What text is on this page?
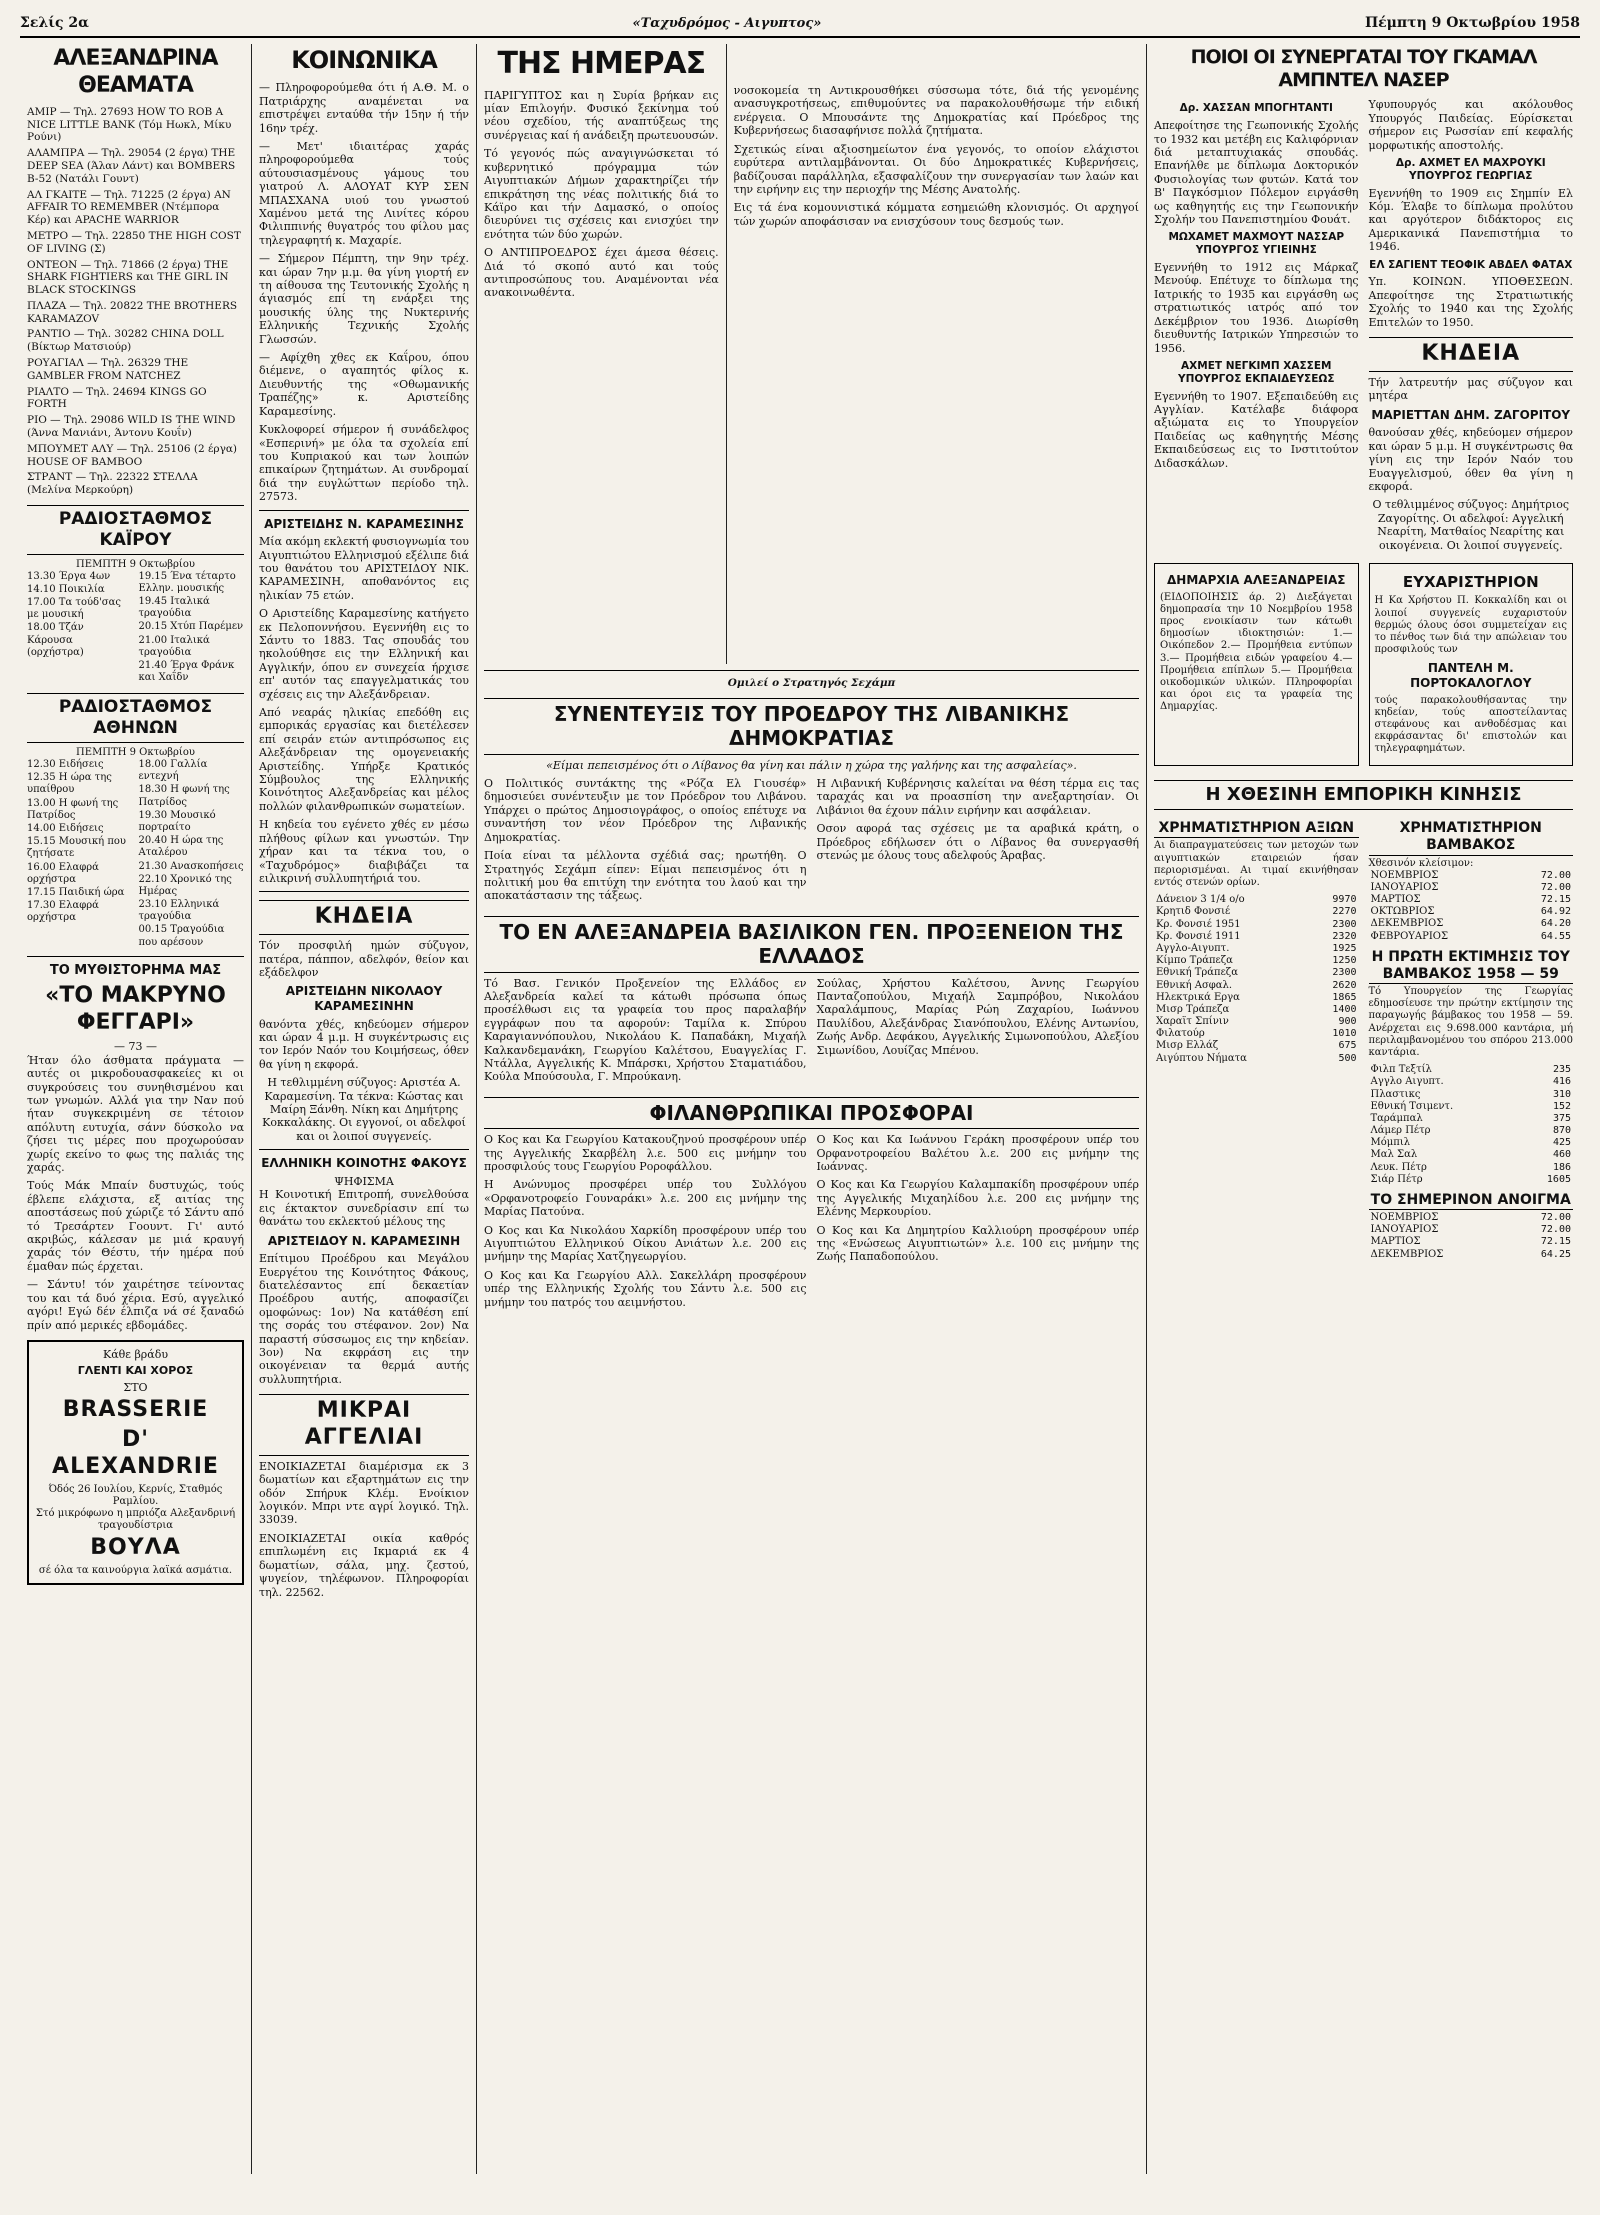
Σελίς 2α	«Ταχυδρόμος - Αιγυπτος»	Πέμπτη 9 Οκτωβρίου 1958
ΑΛΕΞΑΝΔΡΙΝΑ ΘΕΑΜΑΤΑ
ΑΜΙΡ — Τηλ. 27693 HOW TO ROB A NICE LITTLE BANK (Τόμ Ηωκλ, Μίκυ Ρούνι)
ΑΛΑΜΠΡΑ — Τηλ. 29054 (2 έργα) THE DEEP SEA (Άλαν Λάντ) και BOMBERS B-52 (Νατάλι Γουντ)
ΑΛ ΓΚΑΙΤΕ — Τηλ. 71225 (2 έργα) AN AFFAIR TO REMEMBER (Ντέμπορα Κέρ) και APACHE WARRIOR
ΜΕΤΡΟ — Τηλ. 22850 THE HIGH COST OF LIVING (Σ)
ΟΝΤΕΟΝ — Τηλ. 71866 (2 έργα) THE SHARK FIGHTIERS και THE GIRL IN BLACK STOCKINGS
ΠΛΑΖΑ — Τηλ. 20822 THE BROTHERS KARAMAZOV
ΡΑΝΤΙΟ — Τηλ. 30282 CHINA DOLL (Βίκτωρ Ματσιούρ)
ΡΟΥΑΓΙΑΛ — Τηλ. 26329 THE GAMBLER FROM NATCHEZ
ΡΙΑΛΤΟ — Τηλ. 24694 KINGS GO FORTH
ΡΙΟ — Τηλ. 29086 WILD IS THE WIND (Άννα Μανιάνι, Άντονυ Κουΐν)
ΜΠΟΥΜΕΤ ΑΛΥ — Τηλ. 25106 (2 έργα) HOUSE OF BAMBOO
ΣΤΡΑΝΤ — Τηλ. 22322 ΣΤΕΛΛΑ (Μελίνα Μερκούρη)
ΡΑΔΙΟΣΤΑΘΜΟΣ ΚΑΪΡΟΥ
ΠΕΜΠΤΗ 9 Οκτωβρίου
13.30 Έργα 4ων
14.10 Ποικιλία
17.00 Τα τούδ'σας με μουσική
18.00 Τζάν Κάρουσα (ορχήστρα)
19.15 Ένα τέταρτο Ελλην. μουσικής
19.45 Ιταλικά τραγούδια
20.15 Χτύπ Παρέμεν
21.00 Ιταλικά τραγούδια
21.40 Έργα Φράνκ και Χαΐδν
ΡΑΔΙΟΣΤΑΘΜΟΣ ΑΘΗΝΩΝ
ΠΕΜΠΤΗ 9 Οκτωβρίου
12.30 Ειδήσεις
12.35 Η ώρα της υπαίθρου
13.00 Η φωνή της Πατρίδος
14.00 Ειδήσεις
15.15 Μουσική που ζητήσατε
16.00 Ελαφρά ορχήστρα
17.15 Παιδική ώρα
17.30 Ελαφρά ορχήστρα
18.00 Γαλλία εντεχνή
18.30 Η φωνή της Πατρίδος
19.30 Μουσικό πορτραίτο
20.40 Η ώρα της Αταλέρου
21.30 Ανασκοπήσεις
22.10 Χρονικό της Ημέρας
23.10 Ελληνικά τραγούδια
00.15 Τραγούδια που αρέσουν
ΤΟ ΜΥΘΙΣΤΟΡΗΜΑ ΜΑΣ
«ΤΟ ΜΑΚΡΥΝΟ ΦΕΓΓΑΡΙ»
— 73 —

Ήταν όλο άσθματα πράγματα — αυτές οι μικροδουασφακείες κι οι συγκρούσεις του συνηθισμένου και των γνωμών. Αλλά για την Ναν πού ήταν συγκεκριμένη σε τέτοιον απόλυτη ευτυχία, σάνν δύσκολο να ζήσει τις μέρες που προχωρούσαν χωρίς εκείνο το φως της παλιάς της χαράς.

Τούς Μάκ Μπαίν δυστυχώς, τούς έβλεπε ελάχιστα, εξ αιτίας της αποστάσεως πού χώριζε τό Σάντυ από τό Τρεσάρτεν Γοουντ. Γι' αυτό ακριβώς, κάλεσαν με μιά κραυγή χαράς τόν Θέστυ, τήν ημέρα πού έμαθαν πώς έρχεται.

— Σάντυ! τόν χαιρέτησε τείνοντας του και τά δυό χέρια. Εσύ, αγγελικό αγόρι! Εγώ δέν έλπιζα νά σέ ξαναδώ πρίν από μερικές εβδομάδες.

Κάθε βράδυ
ΓΛΕΝΤΙ ΚΑΙ ΧΟΡΟΣ
ΣΤΟ
BRASSERIE
D' ALEXANDRIE
Όδός 26 Ιουλίου, Κερνίς, Σταθμός Ραμλίου.
Στό μικρόφωνο η μπριόζα Αλεξανδρινή τραγουδίστρια
ΒΟΥΛΑ
σέ όλα τα καινούργια λαϊκά ασμάτια.
ΚΟΙΝΩΝΙΚΑ

— Πληροφορούμεθα ότι ή Α.Θ. Μ. ο Πατριάρχης αναμένεται να επιστρέψει ενταύθα τήν 15ην ή τήν 16ην τρέχ.

— Μετ' ιδιαιτέρας χαράς πληροφορούμεθα τούς αύτουσιασμένους γάμους του γιατρού Λ. ΑΛΟΥΑΤ ΚΥΡ ΣΕΝ ΜΠΑΣΧΑΝΑ υιού του γνωστού Χαμένου μετά της Λινίτες κόρου Φιλιππινής θυγατρός του φίλου μας τηλεγραφητή κ. Μαχαρίε.

— Σήμερον Πέμπτη, την 9ην τρέχ. και ώραν 7ην μ.μ. θα γίνη γιορτή εν τη αίθουσα της Τευτονικής Σχολής η άγιασμός επί τη ενάρξει της μουσικής ύλης της Νυκτερινής Ελληνικής Τεχνικής Σχολής Γλωσσών.

— Αφίχθη χθες εκ Καΐρου, όπου διέμενε, ο αγαπητός φίλος κ. Διευθυντής της «Οθωμανικής Τραπέζης» κ. Αριστείδης Καραμεσίνης.

Κυκλοφορεί σήμερον ή συνάδελφος «Εσπερινή» με όλα τα σχολεία επί του Κυπριακού και των λοιπών επικαίρων ζητημάτων. Αι συνδρομαί διά την ευγλώττων περίοδο τηλ. 27573.

ΑΡΙΣΤΕΙΔΗΣ Ν. ΚΑΡΑΜΕΣΙΝΗΣ

Μία ακόμη εκλεκτή φυσιογνωμία του Αιγυπτιώτου Ελληνισμού εξέλιπε διά του θανάτου του ΑΡΙΣΤΕΙΔΟΥ ΝΙΚ. ΚΑΡΑΜΕΣΙΝΗ, αποθανόντος εις ηλικίαν 75 ετών.

Ο Αριστείδης Καραμεσίνης κατήγετο εκ Πελοποννήσου. Εγεννήθη εις το Σάντυ το 1883. Τας σπουδάς του ηκολούθησε εις την Ελληνική και Αγγλικήν, όπου εν συνεχεία ήρχισε επ' αυτόν τας επαγγελματικάς του σχέσεις εις την Αλεξάνδρειαν.

Από νεαράς ηλικίας επεδόθη εις εμπορικάς εργασίας και διετέλεσεν επί σειράν ετών αντιπρόσωπος εις Αλεξάνδρειαν της ομογενειακής Αριστείδης. Υπήρξε Κρατικός Σύμβουλος της Ελληνικής Κοινότητος Αλεξανδρείας και μέλος πολλών φιλανθρωπικών σωματείων.

Η κηδεία του εγένετο χθές εν μέσω πλήθους φίλων και γνωστών. Την χήραν και τα τέκνα του, ο «Ταχυδρόμος» διαβιβάζει τα ειλικρινή συλλυπητήριά του.

ΚΗΔΕΙΑ

Τόν προσφιλή ημών σύζυγον, πατέρα, πάππον, αδελφόν, θείον και εξάδελφον

ΑΡΙΣΤΕΙΔΗΝ ΝΙΚΟΛΑΟΥ ΚΑΡΑΜΕΣΙΝΗΝ

θανόντα χθές, κηδεύομεν σήμερον και ώραν 4 μ.μ. Η συγκέντρωσις εις τον Ιερόν Ναόν του Κοιμήσεως, όθεν θα γίνη η εκφορά.

Η τεθλιμμένη σύζυγος: Αριστέα Α. Καραμεσίνη. Τα τέκνα: Κώστας και Μαίρη Ξάνθη. Νίκη και Δημήτρης Κοκκαλάκης. Οι εγγονοί, οι αδελφοί και οι λοιποί συγγενείς.

ΕΛΛΗΝΙΚΗ ΚΟΙΝΟΤΗΣ ΦΑΚΟΥΣ
ΨΗΦΙΣΜΑ

Η Κοινοτική Επιτροπή, συνελθούσα εις έκτακτον συνεδρίασιν επί τω θανάτω του εκλεκτού μέλους της

ΑΡΙΣΤΕΙΔΟΥ Ν. ΚΑΡΑΜΕΣΙΝΗ

Επίτιμου Προέδρου και Μεγάλου Ευεργέτου της Κοινότητος Φάκους, διατελέσαντος επί δεκαετίαν Προέδρου αυτής, αποφασίζει ομοφώνως: 1ον) Να κατάθέση επί της σοράς του στέφανον. 2ον) Να παραστή σύσσωμος εις την κηδείαν. 3ον) Να εκφράση εις την οικογένειαν τα θερμά αυτής συλλυπητήρια.

ΜΙΚΡΑΙ ΑΓΓΕΛΙΑΙ

ΕΝΟΙΚΙΑΖΕΤΑΙ διαμέρισμα εκ 3 δωματίων και εξαρτημάτων εις την οδόν Σπήρυκ Κλέμ. Ενοίκιον λογικόν. Μπρι ντε αγρί λογικό. Τηλ. 33039.

ΕΝΟΙΚΙΑΖΕΤΑΙ οικία καθρός επιπλωμένη εις Ικμαριά εκ 4 δωματίων, σάλα, μηχ. ζεστού, ψυγείον, τηλέφωνον. Πληροφορίαι τηλ. 22562.

ΤΗΣ ΗΜΕΡΑΣ

ΠΑΡΙΓΥΠΤΟΣ και η Συρία βρήκαν εις μίαν Επιλογήν. Φυσικό ξεκίνημα τού νέου σχεδίου, τής αναπτύξεως της συνέργειας καί ή ανάδειξη πρωτευουσών.

Τό γεγονός πώς αναγιγνώσκεται τό κυβερνητικό πρόγραμμα τών Αιγυπτιακών Δήμων χαρακτηρίζει τήν επικράτηση της νέας πολιτικής διά το Κάϊρο και τήν Δαμασκό, ο οποίος διευρύνει τις σχέσεις και ενισχύει την ενότητα τών δύο χωρών.

Ο ΑΝΤΙΠΡΟΕΔΡΟΣ έχει άμεσα θέσεις. Διά τό σκοπό αυτό και τούς αντιπροσώπους του. Αναμένονται νέα ανακοινωθέντα.

νοσοκομεία τη Αντικρουσθήκει σύσσωμα τότε, διά τής γενομένης ανασυγκροτήσεως, επιθυμούντες να παρακολουθήσωμε τήν ειδική ενέργεια. Ο Μπουσάντε της Δημοκρατίας καί Πρόεδρος της Κυβερνήσεως διασαφήνισε πολλά ζητήματα.

Σχετικώς είναι αξιοσημείωτον ένα γεγονός, το οποίον ελάχιστοι ευρύτερα αντιλαμβάνονται. Οι δύο Δημοκρατικές Κυβερνήσεις, βαδίζουσαι παράλληλα, εξασφαλίζουν την συνεργασίαν των λαών και την ειρήνην εις την περιοχήν της Μέσης Ανατολής.

Εις τά ένα κομουνιστικά κόμματα εσημειώθη κλονισμός. Οι αρχηγοί τών χωρών αποφάσισαν να ενισχύσουν τους δεσμούς των.

Ομιλεί ο Στρατηγός Σεχάμπ
ΣΥΝΕΝΤΕΥΞΙΣ ΤΟΥ ΠΡΟΕΔΡΟΥ ΤΗΣ ΛΙΒΑΝΙΚΗΣ ΔΗΜΟΚΡΑΤΙΑΣ

«Είμαι πεπεισμένος ότι ο Λίβανος θα γίνη και πάλιν η χώρα της γαλήνης και της ασφαλείας».

Ο Πολιτικός συντάκτης της «Ρόζα Ελ Γιουσέφ» δημοσιεύει συνέντευξιν με τον Πρόεδρον του Λιβάνου. Υπάρχει ο πρώτος Δημοσιογράφος, ο οποίος επέτυχε να συναντήση τον νέον Πρόεδρον της Λιβανικής Δημοκρατίας.

Ποία είναι τα μέλλοντα σχέδιά σας; ηρωτήθη. Ο Στρατηγός Σεχάμπ είπεν: Είμαι πεπεισμένος ότι η πολιτική μου θα επιτύχη την ενότητα του λαού και την αποκατάστασιν της τάξεως.

Η Λιβανική Κυβέρνησις καλείται να θέση τέρμα εις τας ταραχάς και να προασπίση την ανεξαρτησίαν. Οι Λιβάνιοι θα έχουν πάλιν ειρήνην και ασφάλειαν.

Οσον αφορά τας σχέσεις με τα αραβικά κράτη, ο Πρόεδρος εδήλωσεν ότι ο Λίβανος θα συνεργασθή στενώς με όλους τους αδελφούς Άραβας.

ΤΟ ΕΝ ΑΛΕΞΑΝΔΡΕΙΑ ΒΑΣΙΛΙΚΟΝ ΓΕΝ. ΠΡΟΞΕΝΕΙΟΝ ΤΗΣ ΕΛΛΑΔΟΣ

Τό Βασ. Γενικόν Προξενείον της Ελλάδος εν Αλεξανδρεία καλεί τα κάτωθι πρόσωπα όπως προσέλθωσι εις τα γραφεία του προς παραλαβήν εγγράφων που τα αφορούν: Ταμίλα κ. Σπύρου Καραγιαννόπουλου, Νικολάου Κ. Παπαδάκη, Μιχαήλ Καλκανδεμανάκη, Γεωργίου Καλέτσου, Ευαγγελίας Γ. Ντάλλα, Αγγελικής Κ. Μπάρσκι, Χρήστου Σταματιάδου, Κούλα Μπούσουλα, Γ. Μπρούκανη.

Σούλας, Χρήστου Καλέτσου, Άννης Γεωργίου Πανταζοπούλου, Μιχαήλ Σαμπρόβου, Νικολάου Χαραλάμπους, Μαρίας Ρώη Ζαχαρίου, Ιωάννου Παυλίδου, Αλεξάνδρας Σιανόπουλου, Ελένης Αντωνίου, Ζωής Ανδρ. Δεφάκου, Αγγελικής Σιμωνοπούλου, Αλεξίου Σιμωνίδου, Λουίζας Μπένου.

ΦΙΛΑΝΘΡΩΠΙΚΑΙ ΠΡΟΣΦΟΡΑΙ

Ο Κος και Κα Γεωργίου Κατακουζηνού προσφέρουν υπέρ της Αγγελικής Σκαρβέλη λ.ε. 500 εις μνήμην του προσφιλούς τους Γεωργίου Ροροφάλλου.

Η Ανώνυμος προσφέρει υπέρ του Συλλόγου «Ορφανοτροφείο Γουναράκι» λ.ε. 200 εις μνήμην της Μαρίας Πατούνα.

Ο Κος και Κα Νικολάου Χαρκίδη προσφέρουν υπέρ του Αιγυπτιώτου Ελληνικού Οίκου Ανιάτων λ.ε. 200 εις μνήμην της Μαρίας Χατζηγεωργίου.

Ο Κος και Κα Γεωργίου Αλλ. Σακελλάρη προσφέρουν υπέρ της Ελληνικής Σχολής του Σάντυ λ.ε. 500 εις μνήμην του πατρός του αειμνήστου.

Ο Κος και Κα Ιωάννου Γεράκη προσφέρουν υπέρ του Ορφανοτροφείου Βαλέτου λ.ε. 200 εις μνήμην της Ιωάννας.

Ο Κος και Κα Γεωργίου Καλαμπακίδη προσφέρουν υπέρ της Αγγελικής Μιχαηλίδου λ.ε. 200 εις μνήμην της Ελένης Μερκουρίου.

Ο Κος και Κα Δημητρίου Καλλιούρη προσφέρουν υπέρ της «Ενώσεως Αιγυπτιωτών» λ.ε. 100 εις μνήμην της Ζωής Παπαδοπούλου.

ΠΟΙΟΙ ΟΙ ΣΥΝΕΡΓΑΤΑΙ ΤΟΥ ΓΚΑΜΑΛ ΑΜΠΝΤΕΛ ΝΑΣΕΡ
Δρ. ΧΑΣΣΑΝ ΜΠΟΓΗΤΑΝΤΙ

Απεφοίτησε της Γεωπονικής Σχολής το 1932 και μετέβη εις Καλιφόρνιαν διά μεταπτυχιακάς σπουδάς. Επανήλθε με δίπλωμα Δοκτορικόν Φυσιολογίας των φυτών. Κατά τον Β' Παγκόσμιον Πόλεμον ειργάσθη ως καθηγητής εις την Γεωπονικήν Σχολήν του Πανεπιστημίου Φουάτ.

ΜΩΧΑΜΕΤ ΜΑΧΜΟΥΤ ΝΑΣΣΑΡ ΥΠΟΥΡΓΟΣ ΥΓΙΕΙΝΗΣ

Εγεννήθη το 1912 εις Μάρκαζ Μενούφ. Επέτυχε το δίπλωμα της Ιατρικής το 1935 και ειργάσθη ως στρατιωτικός ιατρός από τον Δεκέμβριον του 1936. Διωρίσθη διευθυντής Ιατρικών Υπηρεσιών το 1956.

ΑΧΜΕΤ ΝΕΓΚΙΜΠ ΧΑΣΣΕΜ ΥΠΟΥΡΓΟΣ ΕΚΠΑΙΔΕΥΣΕΩΣ

Εγεννήθη το 1907. Εξεπαιδεύθη εις Αγγλίαν. Κατέλαβε διάφορα αξιώματα εις το Υπουργείον Παιδείας ως καθηγητής Μέσης Εκπαιδεύσεως εις το Ινστιτούτον Διδασκάλων.

Υφυπουργός και ακόλουθος Υπουργός Παιδείας. Εύρίσκεται σήμερον εις Ρωσσίαν επί κεφαλής μορφωτικής αποστολής.

Δρ. ΑΧΜΕΤ ΕΛ ΜΑΧΡΟΥΚΙ ΥΠΟΥΡΓΟΣ ΓΕΩΡΓΙΑΣ

Εγεννήθη το 1909 εις Σημπίν Ελ Κόμ. Έλαβε το δίπλωμα προλύτου και αργότερον διδάκτορος εις Αμερικανικά Πανεπιστήμια το 1946.

ΕΛ ΣΑΓΙΕΝΤ ΤΕΟΦΙΚ ΑΒΔΕΛ ΦΑΤΑΧ

Υπ. ΚΟΙΝΩΝ. ΥΠΟΘΕΣΕΩΝ. Απεφοίτησε της Στρατιωτικής Σχολής το 1940 και της Σχολής Επιτελών το 1950.

ΚΗΔΕΙΑ

Τήν λατρευτήν μας σύζυγον και μητέρα

ΜΑΡΙΕΤΤΑΝ ΔΗΜ. ΖΑΓΟΡΙΤΟΥ

θανούσαν χθές, κηδεύομεν σήμερον και ώραν 5 μ.μ. Η συγκέντρωσις θα γίνη εις την Ιερόν Ναόν του Ευαγγελισμού, όθεν θα γίνη η εκφορά.

Ο τεθλιμμένος σύζυγος: Δημήτριος Ζαγορίτης. Οι αδελφοί: Αγγελική Νεαρίτη, Ματθαίος Νεαρίτης και οικογένεια. Οι λοιποί συγγενείς.

ΔΗΜΑΡΧΙΑ ΑΛΕΞΑΝΔΡΕΙΑΣ

(ΕΙΔΟΠΟΙΗΣΙΣ άρ. 2) Διεξάγεται δημοπρασία την 10 Νοεμβρίου 1958 προς ενοικίασιν των κάτωθι δημοσίων ιδιοκτησιών: 1.— Οικόπεδον 2.— Προμήθεια εντύπων 3.— Προμήθεια ειδών γραφείου 4.— Προμήθεια επίπλων 5.— Προμήθεια οικοδομικών υλικών. Πληροφορίαι και όροι εις τα γραφεία της Δημαρχίας.

ΕΥΧΑΡΙΣΤΗΡΙΟΝ

Η Κα Χρήστου Π. Κοκκαλίδη και οι λοιποί συγγενείς ευχαριστούν θερμώς όλους όσοι συμμετείχαν εις το πένθος των διά την απώλειαν του προσφιλούς των

ΠΑΝΤΕΛΗ Μ. ΠΟΡΤΟΚΑΛΟΓΛΟΥ

τούς παρακολουθήσαντας την κηδείαν, τούς αποστείλαντας στεφάνους και ανθοδέσμας και εκφράσαντας δι' επιστολών και τηλεγραφημάτων.

Η ΧΘΕΣΙΝΗ ΕΜΠΟΡΙΚΗ ΚΙΝΗΣΙΣ
ΧΡΗΜΑΤΙΣΤΗΡΙΟΝ ΑΞΙΩΝ

Αι διαπραγματεύσεις των μετοχών των αιγυπτιακών εταιρειών ήσαν περιορισμέναι. Αι τιμαί εκινήθησαν εντός στενών ορίων.

Δάνειον 3 1/4 ο/ο	9970
Κρητιδ Φονσιέ	2270
Κρ. Φονσιέ 1951	2300
Κρ. Φονσιέ 1911	2320
Αγγλο-Αιγυπτ.	1925
Κίμπο Τράπεζα	1250
Εθνική Τράπεζα	2300
Εθνική Ασφαλ.	2620
Ηλεκτρικά Εργα	1865
Μισρ Τράπεζα	1400
Χαραϊτ Σπίνιν	900
Φιλατούρ	1010
Μισρ Ελλάζ	675
Αιγύπτου Νήματα	500
ΧΡΗΜΑΤΙΣΤΗΡΙΟΝ ΒΑΜΒΑΚΟΣ
Χθεσινόν κλείσιμον:
ΝΟΕΜΒΡΙΟΣ	72.00
ΙΑΝΟΥΑΡΙΟΣ	72.00
ΜΑΡΤΙΟΣ	72.15
ΟΚΤΩΒΡΙΟΣ	64.92
ΔΕΚΕΜΒΡΙΟΣ	64.20
ΦΕΒΡΟΥΑΡΙΟΣ	64.55
Η ΠΡΩΤΗ ΕΚΤΙΜΗΣΙΣ ΤΟΥ ΒΑΜΒΑΚΟΣ 1958 — 59

Τό Υπουργείον της Γεωργίας εδημοσίευσε την πρώτην εκτίμησιν της παραγωγής βάμβακος του 1958 — 59. Ανέρχεται εις 9.698.000 καντάρια, μή περιλαμβανομένου του σπόρου 213.000 καντάρια.

Φιλπ Τεξτίλ	235
Αγγλο Αιγυπτ.	416
Πλαστικς	310
Εθνική Τσιμεντ.	152
Ταράμπαλ	375
Λάμερ Πέτρ	870
Μόμπιλ	425
Μαλ Σαλ	460
Λευκ. Πέτρ	186
Σιάρ Πέτρ	1605
ΤΟ ΣΗΜΕΡΙΝΟΝ ΑΝΟΙΓΜΑ
ΝΟΕΜΒΡΙΟΣ	72.00
ΙΑΝΟΥΑΡΙΟΣ	72.00
ΜΑΡΤΙΟΣ	72.15
ΔΕΚΕΜΒΡΙΟΣ	64.25
